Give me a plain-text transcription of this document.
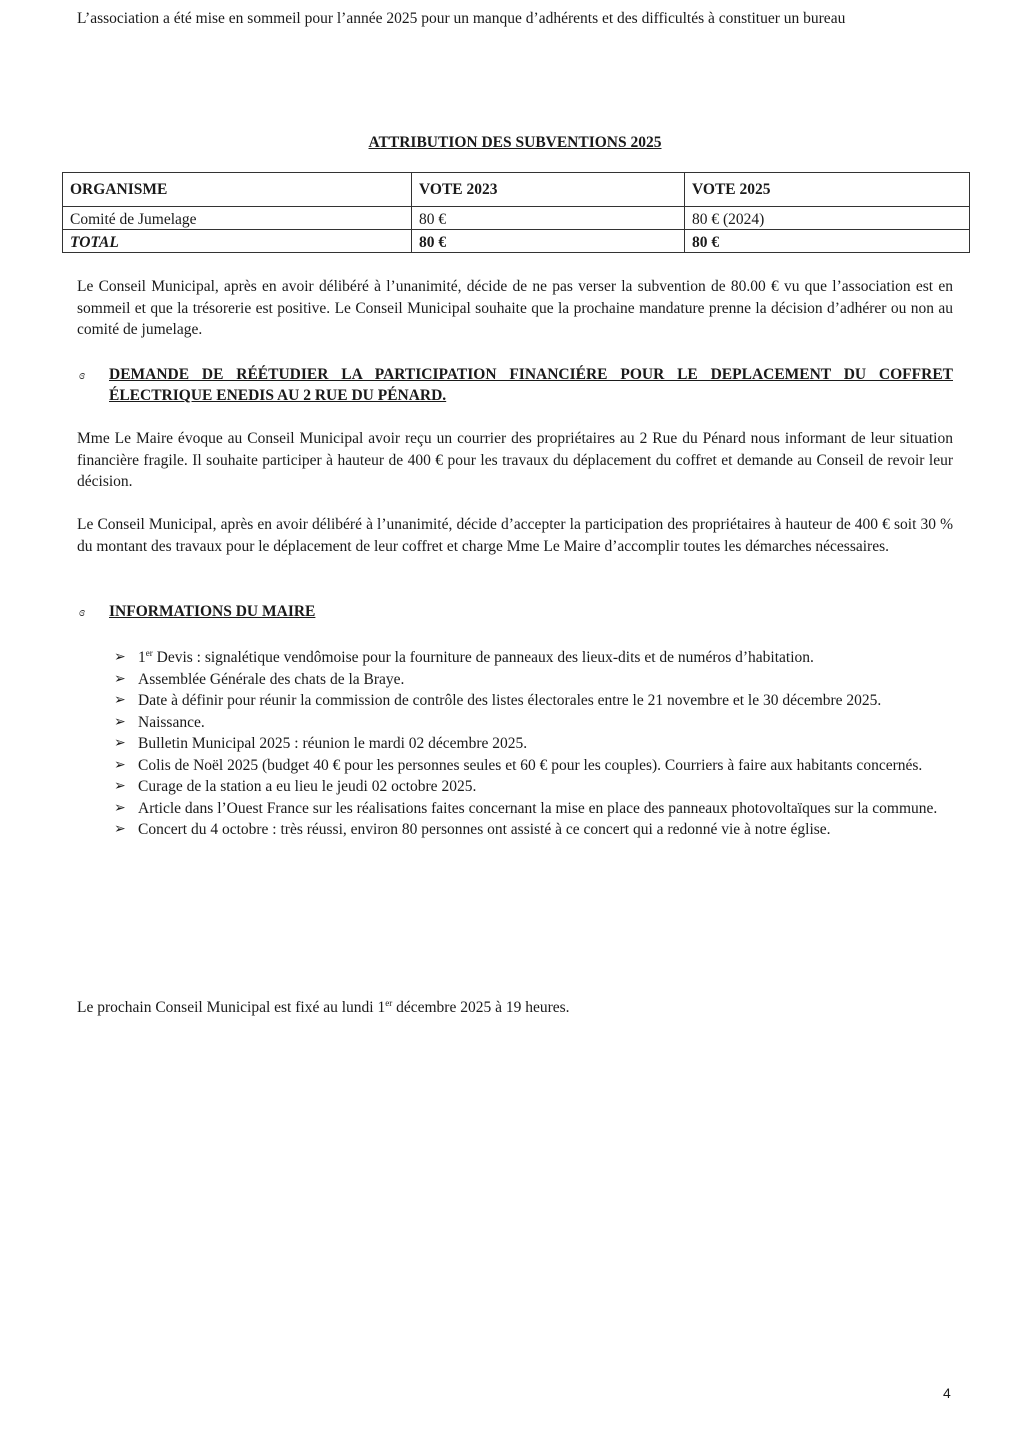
L’association a été mise en sommeil pour l’année 2025 pour un manque d’adhérents et des difficultés à constituer un bureau

ATTRIBUTION DES SUBVENTIONS 2025
ORGANISME	VOTE 2023	VOTE 2025
Comité de Jumelage	80 €	80 € (2024)
TOTAL	80 €	80 €

Le Conseil Municipal, après en avoir délibéré à l’unanimité, décide de ne pas verser la subvention de 80.00 € vu que l’association est en sommeil et que la trésorerie est positive. Le Conseil Municipal souhaite que la prochaine mandature prenne la décision d’adhérer ou non au comité de jumelage.

ɞ DEMANDE DE RÉÉTUDIER LA PARTICIPATION FINANCIÉRE POUR LE DEPLACEMENT DU COFFRET ÉLECTRIQUE ENEDIS AU 2 RUE DU PÉNARD.

Mme Le Maire évoque au Conseil Municipal avoir reçu un courrier des propriétaires au 2 Rue du Pénard nous informant de leur situation financière fragile. Il souhaite participer à hauteur de 400 € pour les travaux du déplacement du coffret et demande au Conseil de revoir leur décision.

Le Conseil Municipal, après en avoir délibéré à l’unanimité, décide d’accepter la participation des propriétaires à hauteur de 400 € soit 30 % du montant des travaux pour le déplacement de leur coffret et charge Mme Le Maire d’accomplir toutes les démarches nécessaires.

ɞ INFORMATIONS DU MAIRE
➢ 1er Devis : signalétique vendômoise pour la fourniture de panneaux des lieux-dits et de numéros d’habitation.
➢ Assemblée Générale des chats de la Braye.
➢ Date à définir pour réunir la commission de contrôle des listes électorales entre le 21 novembre et le 30 décembre 2025.
➢ Naissance.
➢ Bulletin Municipal 2025 : réunion le mardi 02 décembre 2025.
➢ Colis de Noël 2025 (budget 40 € pour les personnes seules et 60 € pour les couples). Courriers à faire aux habitants concernés.
➢ Curage de la station a eu lieu le jeudi 02 octobre 2025.
➢ Article dans l’Ouest France sur les réalisations faites concernant la mise en place des panneaux photovoltaïques sur la commune.
➢ Concert du 4 octobre : très réussi, environ 80 personnes ont assisté à ce concert qui a redonné vie à notre église.

Le prochain Conseil Municipal est fixé au lundi 1er décembre 2025 à 19 heures.

4
